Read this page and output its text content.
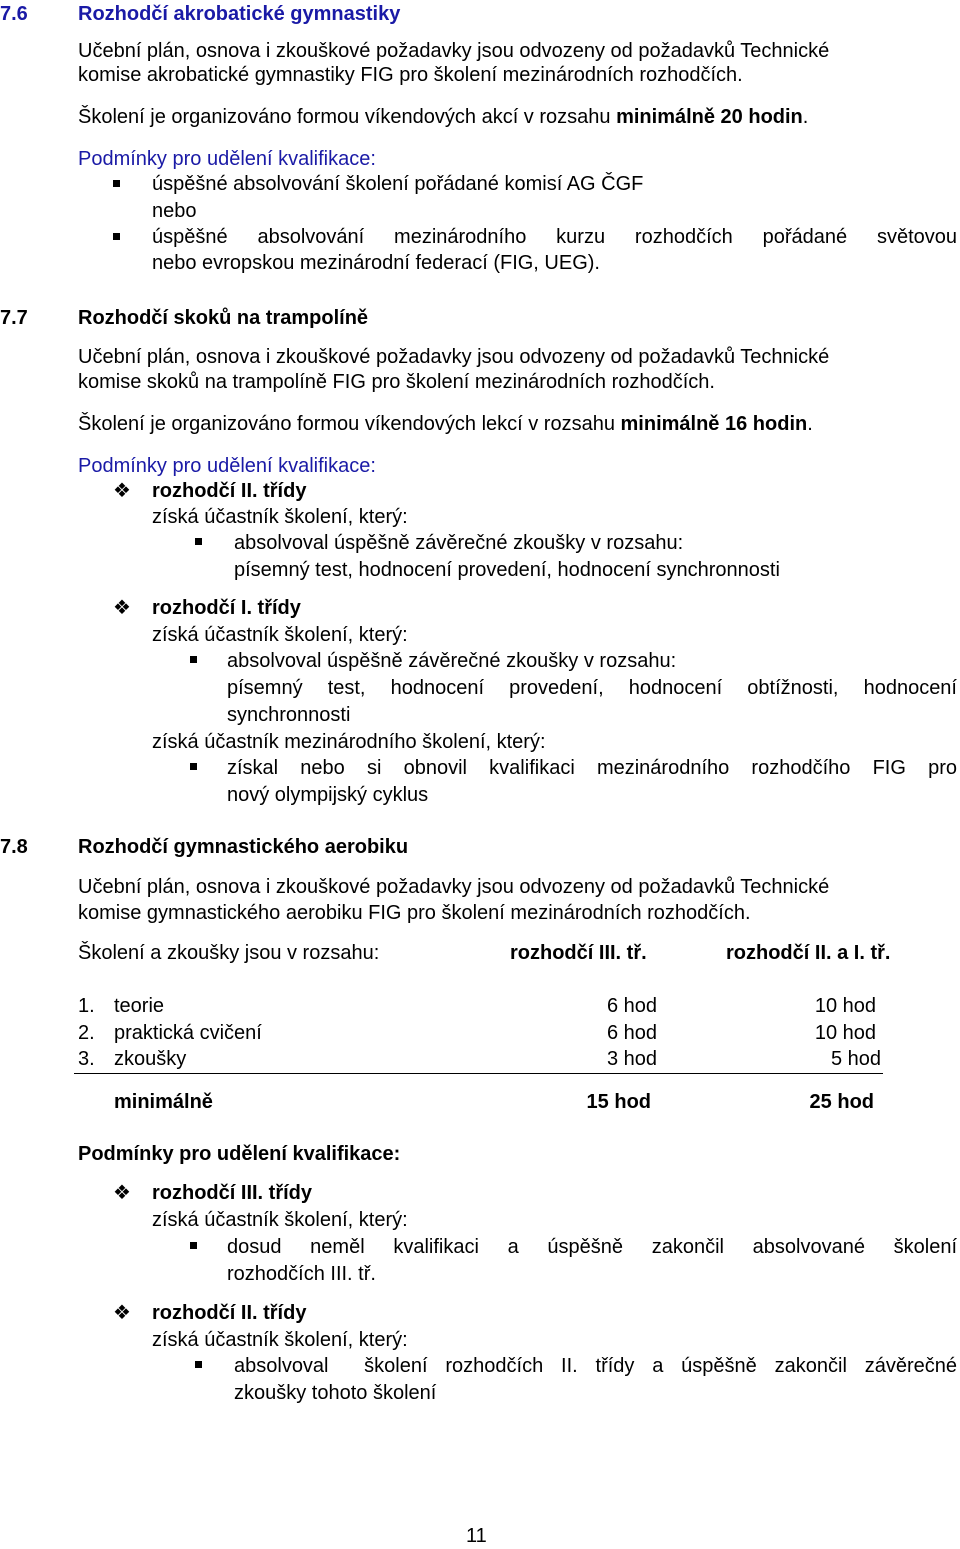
7.6	Rozhodčí akrobatické gymnastiky
Učební plán, osnova i zkouškové požadavky jsou odvozeny od požadavků Technické
komise akrobatické gymnastiky FIG pro školení mezinárodních rozhodčích.
Školení je organizováno formou víkendových akcí v rozsahu minimálně 20 hodin.
Podmínky pro udělení kvalifikace:
úspěšné absolvování školení pořádané komisí AG ČGF
nebo
úspěšné absolvování mezinárodního kurzu rozhodčích pořádané světovou
nebo evropskou mezinárodní federací (FIG, UEG).
7.7	Rozhodčí skoků na trampolíně
Učební plán, osnova i zkouškové požadavky jsou odvozeny od požadavků Technické
komise skoků na trampolíně FIG pro školení mezinárodních rozhodčích.
Školení je organizováno formou víkendových lekcí v rozsahu minimálně 16 hodin.
Podmínky pro udělení kvalifikace:
❖ rozhodčí II. třídy
získá účastník školení, který:
absolvoval úspěšně závěrečné zkoušky v rozsahu:
písemný test, hodnocení provedení, hodnocení synchronnosti
❖ rozhodčí I. třídy
získá účastník školení, který:
absolvoval úspěšně závěrečné zkoušky v rozsahu:
písemný test, hodnocení provedení, hodnocení obtížnosti, hodnocení
synchronnosti
získá účastník mezinárodního školení, který:
získal nebo si obnovil kvalifikaci mezinárodního rozhodčího FIG pro
nový olympijský cyklus
7.8	Rozhodčí gymnastického aerobiku
Učební plán, osnova i zkouškové požadavky jsou odvozeny od požadavků Technické
komise gymnastického aerobiku FIG pro školení mezinárodních rozhodčích.
Školení a zkoušky jsou v rozsahu:	rozhodčí III. tř.	rozhodčí II. a I. tř.
1. teorie	6 hod	10 hod
2. praktická cvičení	6 hod	10 hod
3. zkoušky	3 hod	5 hod
minimálně	15 hod	25 hod
Podmínky pro udělení kvalifikace:
❖ rozhodčí III. třídy
získá účastník školení, který:
dosud neměl kvalifikaci a úspěšně zakončil absolvované školení
rozhodčích III. tř.
❖ rozhodčí II. třídy
získá účastník školení, který:
absolvoval  školení rozhodčích II. třídy a úspěšně zakončil závěrečné
zkoušky tohoto školení
11
